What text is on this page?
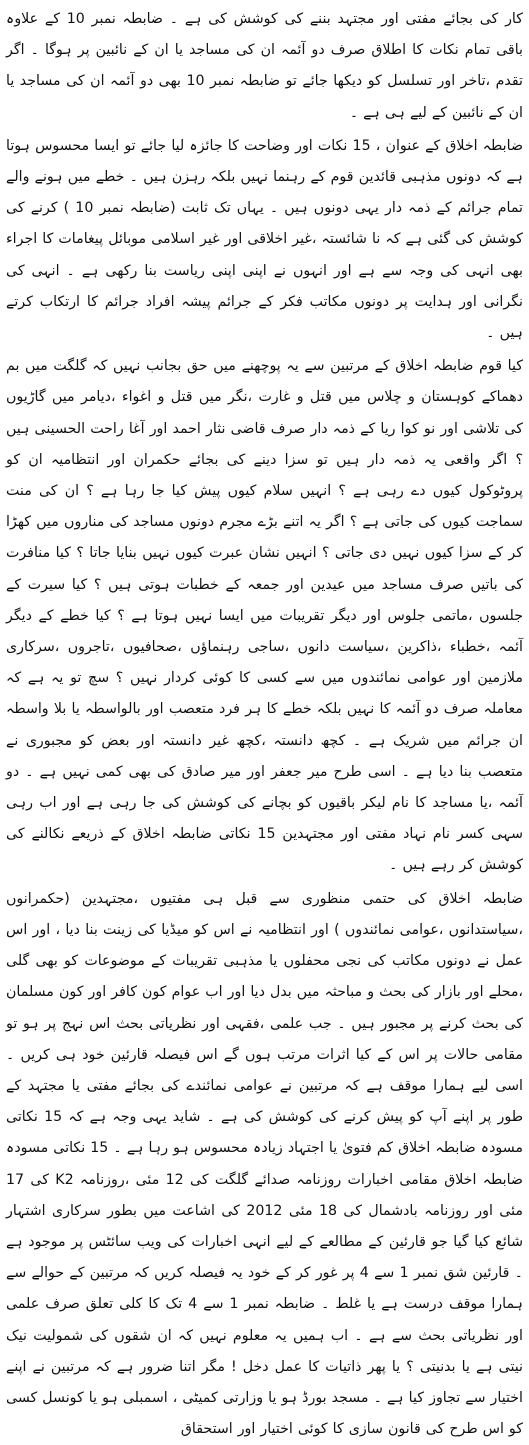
کار کی بجائے مفتی اور مجتہد بننے کی کوشش کی ہے ۔ ضابطہ نمبر 10 کے علاوہ باقی تمام نکات کا اطلاق صرف دو آئمہ ان کی مساجد یا ان کے نائبین پر ہوگا ۔ اگر تقدم ،تاخر اور تسلسل کو دیکھا جائے تو ضابطہ نمبر 10 بھی دو آئمہ ان کی مساجد یا ان کے نائبین کے لیے ہی ہے ۔

ضابطہ اخلاق کے عنوان ، 15 نکات اور وضاحت کا جائزہ لیا جائے تو ایسا محسوس ہوتا ہے کہ دونوں مذہبی قائدین قوم کے رہنما نہیں بلکہ رہزن ہیں ۔ خطے میں ہونے والے تمام جرائم کے ذمہ دار یہی دونوں ہیں ۔ یہاں تک ثابت (ضابطہ نمبر 10 ) کرنے کی کوشش کی گئی ہے کہ نا شائستہ ،غیر اخلاقی اور غیر اسلامی موبائل پیغامات کا اجراء بھی انہی کی وجہ سے ہے اور انہوں نے اپنی اپنی ریاست بنا رکھی ہے ۔ انہی کی نگرانی اور ہدایت پر دونوں مکاتب فکر کے جرائم پیشہ افراد جرائم کا ارتکاب کرتے ہیں ۔

کیا قوم ضابطہ اخلاق کے مرتبین سے یہ پوچھنے میں حق بجانب نہیں کہ گلگت میں بم دھماکے کوہستان و چلاس میں قتل و غارت ،نگر میں قتل و اغواء ،دیامر میں گاڑیوں کی تلاشی اور نو کوا ریا کے ذمہ دار صرف قاضی نثار احمد اور آغا راحت الحسینی ہیں ؟ اگر واقعی یہ ذمہ دار ہیں تو سزا دینے کی بجائے حکمران اور انتظامیہ ان کو پروٹوکول کیوں دے رہی ہے ؟ انہیں سلام کیوں پیش کیا جا رہا ہے ؟ ان کی منت سماجت کیوں کی جاتی ہے ؟ اگر یہ اتنے بڑے مجرم دونوں مساجد کی مناروں میں کھڑا کر کے سزا کیوں نہیں دی جاتی ؟ انہیں نشان عبرت کیوں نہیں بنایا جاتا ؟ کیا منافرت کی باتیں صرف مساجد میں عیدین اور جمعہ کے خطبات ہوتی ہیں ؟ کیا سیرت کے جلسوں ،ماتمی جلوس اور دیگر تقریبات میں ایسا نہیں ہوتا ہے ؟ کیا خطے کے دیگر آئمہ ،خطباء ،ذاکرین ،سیاست دانوں ،ساجی رہنماؤں ،صحافیوں ،تاجروں ،سرکاری ملازمین اور عوامی نمائندوں میں سے کسی کا کوئی کردار نہیں ؟ سچ تو یہ ہے کہ معاملہ صرف دو آئمہ کا نہیں بلکہ خطے کا ہر فرد متعصب اور بالواسطہ یا بلا واسطہ ان جرائم میں شریک ہے ۔ کچھ دانستہ ،کچھ غیر دانستہ اور بعض کو مجبوری نے متعصب بنا دیا ہے ۔ اسی طرح میر جعفر اور میر صادق کی بھی کمی نہیں ہے ۔ دو آئمہ ،یا مساجد کا نام لیکر باقیوں کو بچانے کی کوشش کی جا رہی ہے اور اب رہی سہی کسر نام نہاد مفتی اور مجتہدین 15 نکاتی ضابطہ اخلاق کے ذریعے نکالنے کی کوشش کر رہے ہیں ۔

ضابطہ اخلاق کی حتمی منظوری سے قبل ہی مفتیوں ،مجتہدین (حکمرانوں ،سیاستدانوں ،عوامی نمائندوں ) اور انتظامیہ نے اس کو میڈیا کی زینت بنا دیا ، اور اس عمل نے دونوں مکاتب کی نجی محفلوں یا مذہبی تقریبات کے موضوعات کو بھی گلی ،محلے اور بازار کی بحث و مباحثہ میں بدل دیا اور اب عوام کون کافر اور کون مسلمان کی بحث کرنے پر مجبور ہیں ۔ جب علمی ،فقہی اور نظریاتی بحث اس نہج پر ہو تو مقامی حالات پر اس کے کیا اثرات مرتب ہوں گے اس فیصلہ قارئین خود ہی کریں ۔ اسی لیے ہمارا موقف ہے کہ مرتبین نے عوامی نمائندے کی بجائے مفتی یا مجتہد کے طور پر اپنے آپ کو پیش کرنے کی کوشش کی ہے ۔ شاید یہی وجہ ہے کہ 15 نکاتی مسودہ ضابطہ اخلاق کم فتویٰ یا اجتہاد زیادہ محسوس ہو رہا ہے ۔ 15 نکاتی مسودہ ضابطہ اخلاق مقامی اخبارات روزنامہ صدائے گلگت کی 12 مئی ،روزنامہ K2 کی 17 مئی اور روزنامہ بادشمال کی 18 مئی 2012 کی اشاعت میں بطور سرکاری اشتہار شائع کیا گیا جو قارئین کے مطالعے کے لیے انہی اخبارات کی ویب سائٹس پر موجود ہے ۔ قارئین شق نمبر 1 سے 4 پر غور کر کے خود یہ فیصلہ کریں کہ مرتبین کے حوالے سے ہمارا موقف درست ہے یا غلط ۔ ضابطہ نمبر 1 سے 4 تک کا کلی تعلق صرف علمی اور نظریاتی بحث سے ہے ۔ اب ہمیں یہ معلوم نہیں کہ ان شقوں کی شمولیت نیک نیتی ہے یا بدنیتی ؟ یا پھر ذاتیات کا عمل دخل ! مگر اتنا ضرور ہے کہ مرتبین نے اپنے اختیار سے تجاوز کیا ہے ۔ مسجد بورڈ ہو یا وزارتی کمیٹی ، اسمبلی ہو یا کونسل کسی کو اس طرح کی قانون سازی کا کوئی اختیار اور استحقاق
